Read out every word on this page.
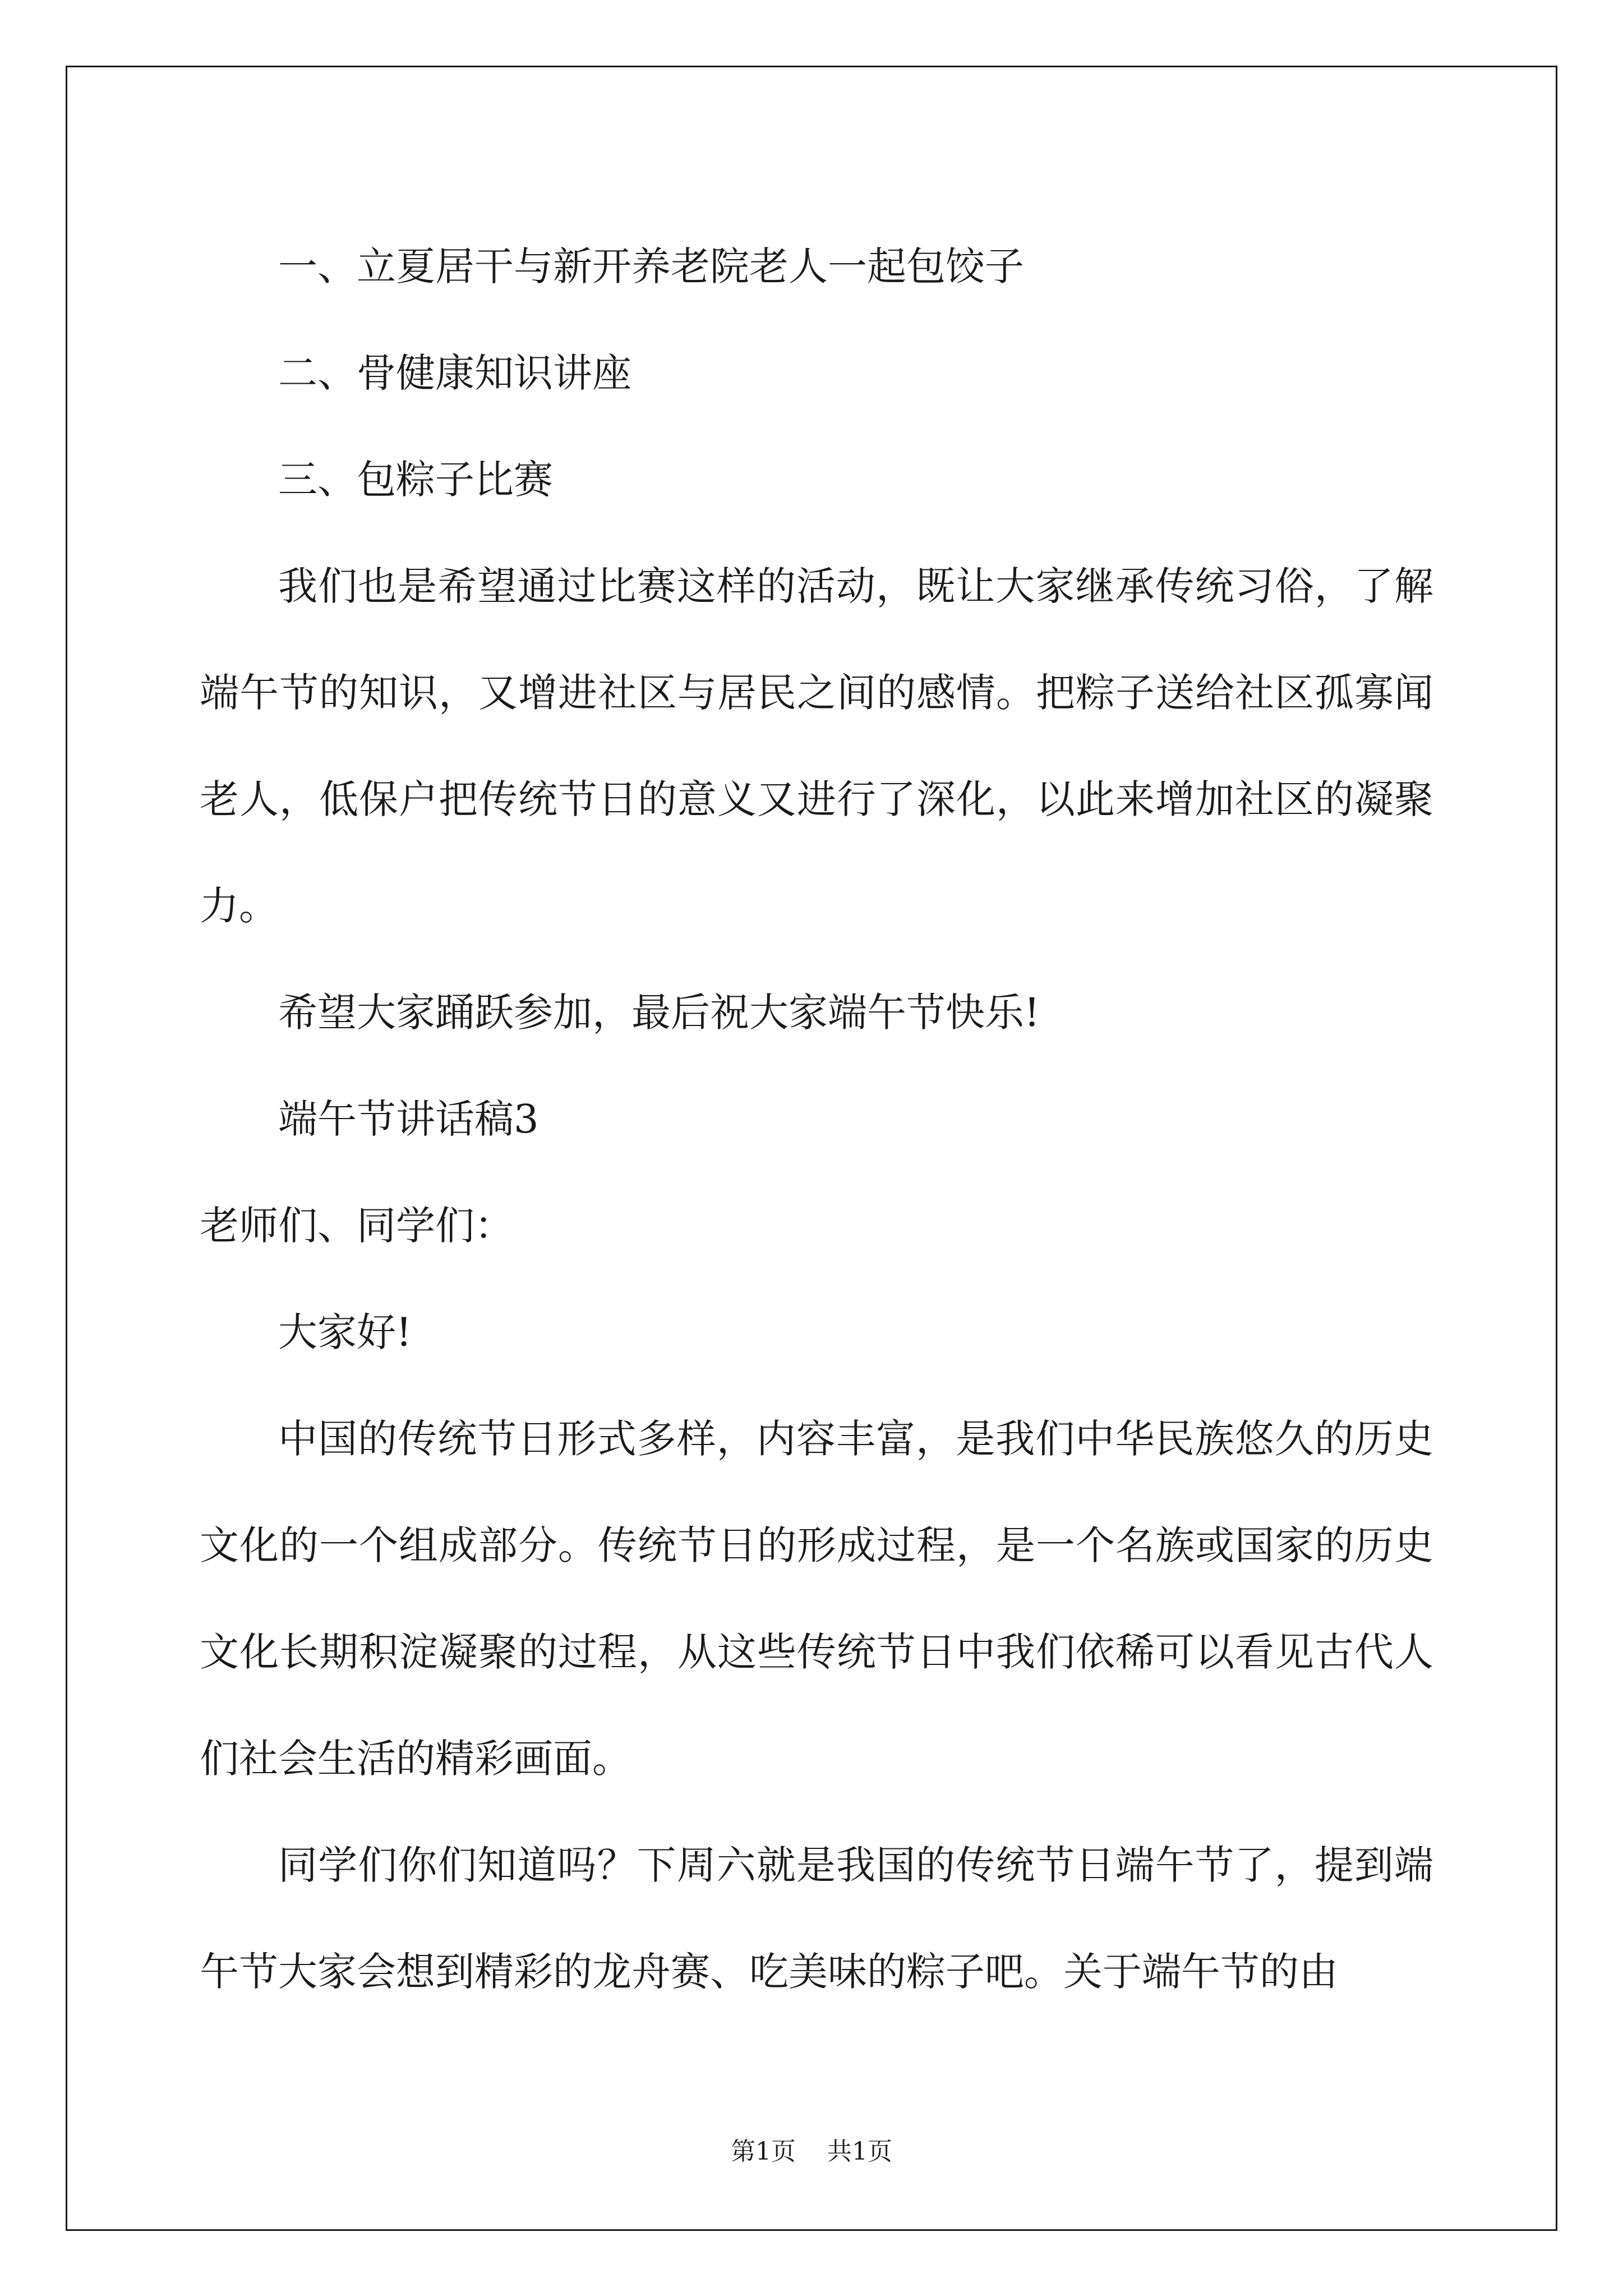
一、立夏居干与新开养老院老人一起包饺子

二、骨健康知识讲座

三、包粽子比赛

我们也是希望通过比赛这样的活动，既让大家继承传统习俗，了解端午节的知识，又增进社区与居民之间的感情。把粽子送给社区孤寡闻老人，低保户把传统节日的意义又进行了深化，以此来增加社区的凝聚力。

希望大家踊跃参加，最后祝大家端午节快乐!

端午节讲话稿3

老师们、同学们：

大家好!

中国的传统节日形式多样，内容丰富，是我们中华民族悠久的历史文化的一个组成部分。传统节日的形成过程，是一个名族或国家的历史文化长期积淀凝聚的过程，从这些传统节日中我们依稀可以看见古代人们社会生活的精彩画面。

同学们你们知道吗？下周六就是我国的传统节日端午节了，提到端午节大家会想到精彩的龙舟赛、吃美味的粽子吧。关于端午节的由

第1页 共1页
